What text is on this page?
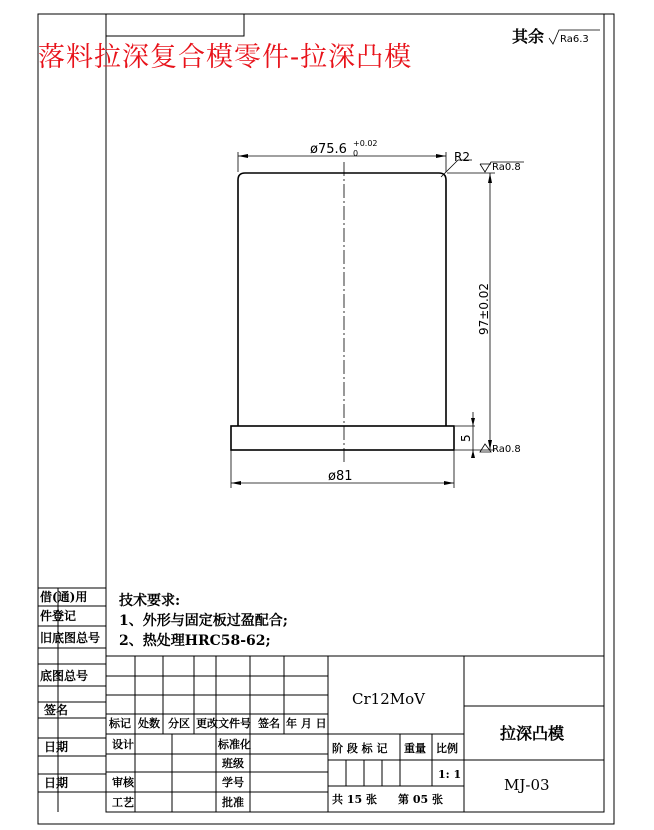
落料拉深复合模零件-拉深凸模
其余 Ra6.3
ø75.6 +0.02
0	R2
Ra0.8
97±0.02
5
Ra0.8
ø81
技术要求:
1、外形与固定板过盈配合;
2、热处理HRC58-62;
借(通)用
件登记
旧底图总号
底图总号
签名
日期
日期
标记 处数 分区 更改文件号 签名 年 月 日
设计
审核
工艺
标准化
班级
学号
批准
Cr12MoV
阶 段 标 记 重量 比例
1: 1
共 15 张 第 05 张
拉深凸模
MJ-03
